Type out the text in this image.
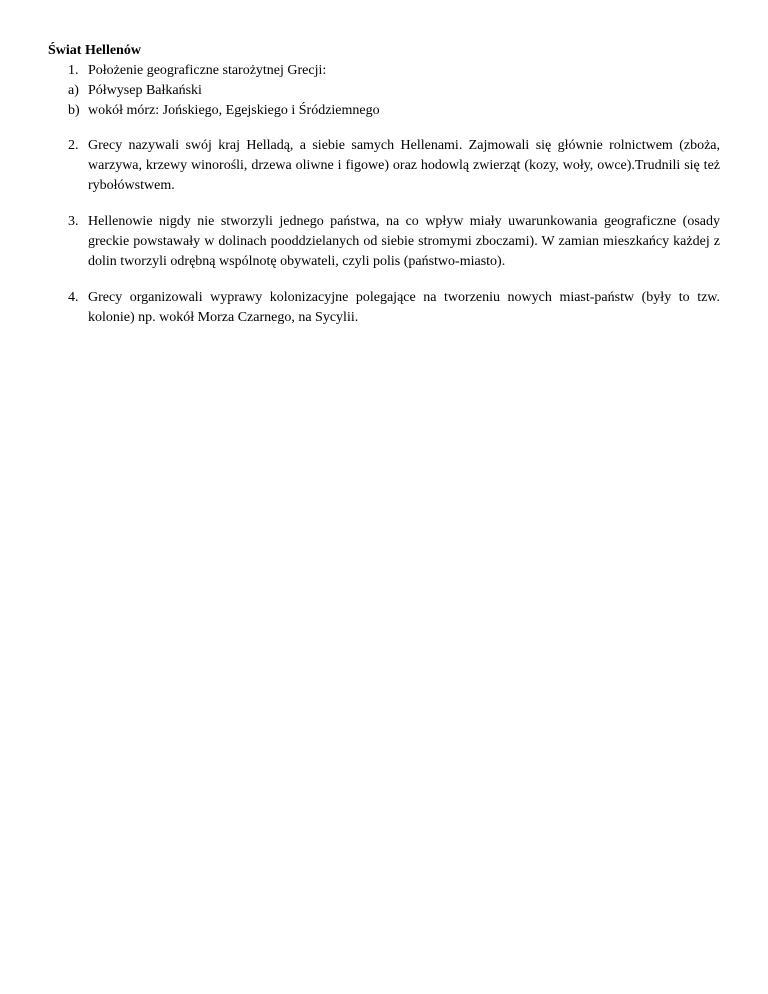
Świat Hellenów
1. Położenie geograficzne starożytnej Grecji:
a) Półwysep Bałkański
b) wokół mórz: Jońskiego, Egejskiego i Śródziemnego
2. Grecy nazywali swój kraj Helladą, a siebie samych Hellenami. Zajmowali się głównie rolnictwem (zboża, warzywa, krzewy winorośli, drzewa oliwne i figowe) oraz hodowlą zwierząt (kozy, woły, owce).Trudnili się też rybołówstwem.
3. Hellenowie nigdy nie stworzyli jednego państwa, na co wpływ miały uwarunkowania geograficzne (osady greckie powstawały w dolinach pooddzielanych od siebie stromymi zboczami). W zamian mieszkańcy każdej z dolin tworzyli odrębną wspólnotę obywateli, czyli polis (państwo-miasto).
4. Grecy organizowali wyprawy kolonizacyjne polegające na tworzeniu nowych miast-państw (były to tzw. kolonie) np. wokół Morza Czarnego, na Sycylii.
